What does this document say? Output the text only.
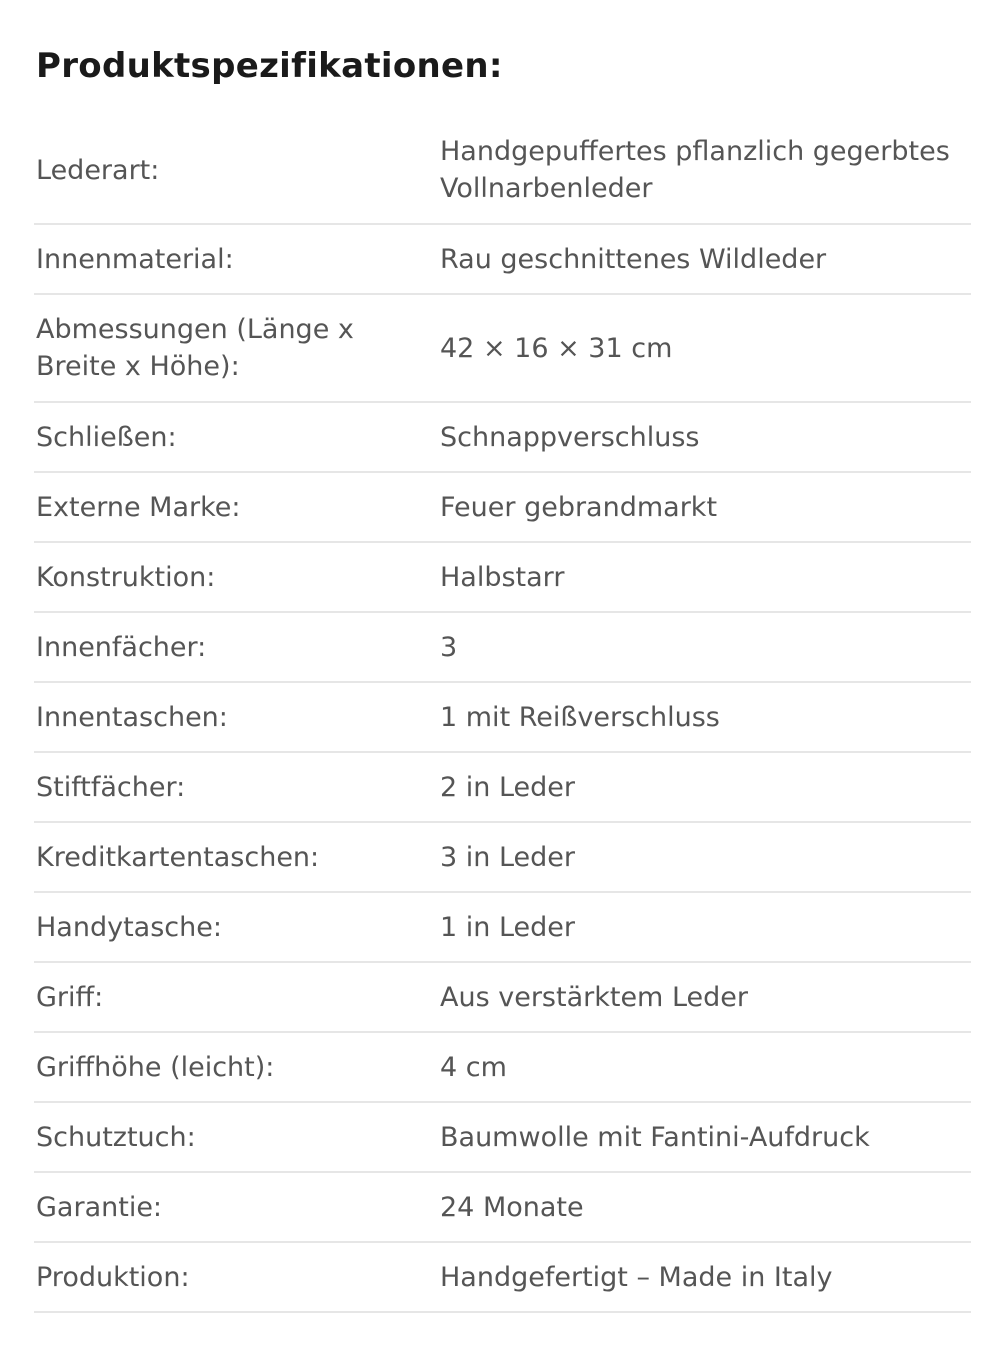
Produktspezifikationen:
Lederart:
Handgepuffertes pflanzlich gegerbtes Vollnarbenleder
Innenmaterial:	Rau geschnittenes Wildleder
Abmessungen (Länge x Breite x Höhe):
42 × 16 × 31 cm
Schließen:	Schnappverschluss
Externe Marke:	Feuer gebrandmarkt
Konstruktion:	Halbstarr
Innenfächer:	3
Innentaschen:	1 mit Reißverschluss
Stiftfächer:	2 in Leder
Kreditkartentaschen:	3 in Leder
Handytasche:	1 in Leder
Griff:	Aus verstärktem Leder
Griffhöhe (leicht):	4 cm
Schutztuch:	Baumwolle mit Fantini-Aufdruck
Garantie:	24 Monate
Produktion:	Handgefertigt – Made in Italy
